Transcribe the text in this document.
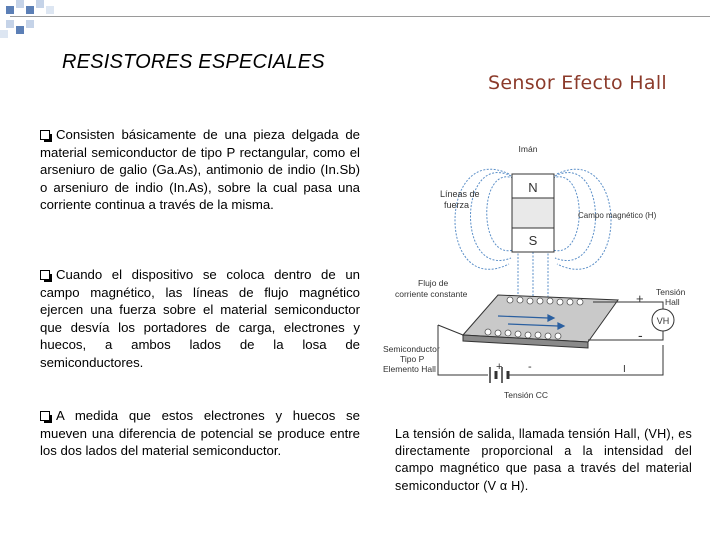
RESISTORES ESPECIALES
Sensor Efecto Hall
Consisten básicamente de una pieza delgada de material semiconductor de tipo P rectangular, como el arseniuro de galio (Ga.As), antimonio de indio (In.Sb) o arseniuro de indio (In.As), sobre la cual pasa una corriente continua a través de la misma.
Cuando el dispositivo se coloca dentro de un campo magnético, las líneas de flujo magnético ejercen una fuerza sobre el material semiconductor que desvía los portadores de carga, electrones y huecos, a ambos lados de la losa de semiconductores.
A medida que estos electrones y huecos se mueven una diferencia de potencial se produce entre los dos lados del material semiconductor.
N
S
VH
Imán
Líneas de
fuerza
Campo magnético (H)
Flujo de
corriente constante	Tensión
Hall
+
-
Semiconductor
Tipo P
Elemento Hall	+ -	I
Tensión CC
La tensión de salida, llamada tensión Hall, (VH), es directamente proporcional a la intensidad del campo magnético que pasa a través del material semiconductor (V α H).
